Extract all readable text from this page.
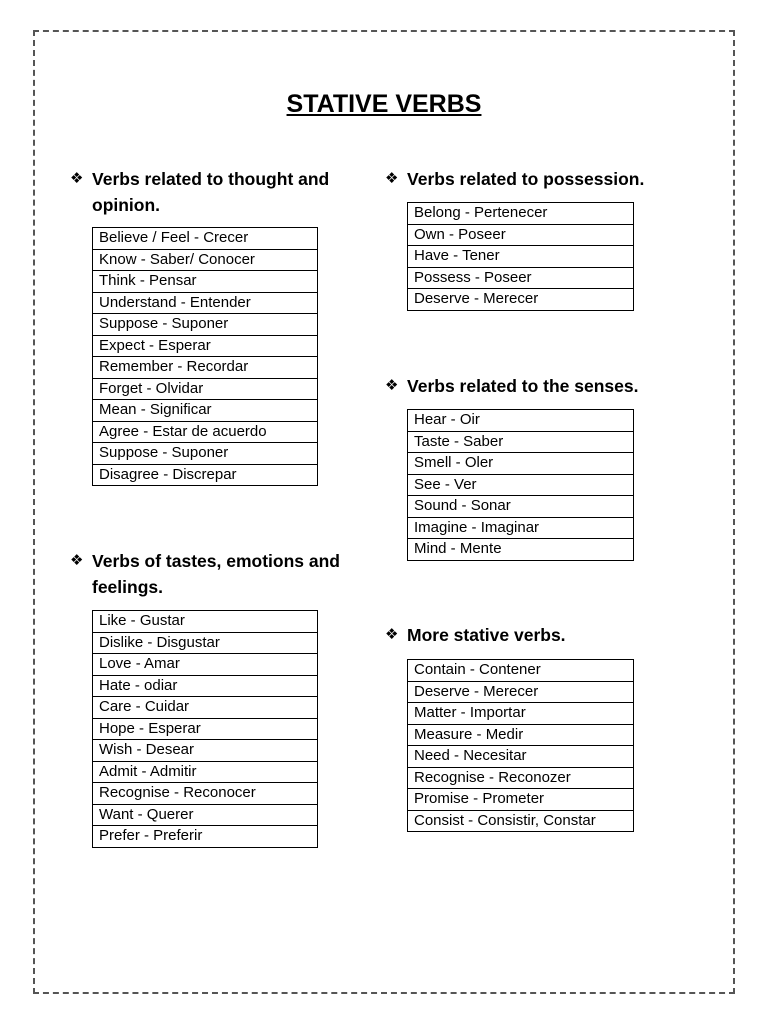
STATIVE VERBS
❖ Verbs related to thought and opinion.
Believe / Feel - Crecer
Know - Saber/ Conocer
Think - Pensar
Understand - Entender
Suppose - Suponer
Expect - Esperar
Remember - Recordar
Forget - Olvidar
Mean - Significar
Agree - Estar de acuerdo
Suppose - Suponer
Disagree - Discrepar
❖ Verbs related to possession.
Belong - Pertenecer
Own - Poseer
Have - Tener
Possess - Poseer
Deserve - Merecer
❖ Verbs related to the senses.
Hear - Oir
Taste - Saber
Smell - Oler
See - Ver
Sound - Sonar
Imagine - Imaginar
Mind - Mente
❖ Verbs of tastes, emotions and feelings.
Like - Gustar
Dislike - Disgustar
Love - Amar
Hate - odiar
Care - Cuidar
Hope - Esperar
Wish - Desear
Admit - Admitir
Recognise - Reconocer
Want - Querer
Prefer - Preferir
❖ More stative verbs.
Contain - Contener
Deserve - Merecer
Matter - Importar
Measure - Medir
Need - Necesitar
Recognise - Reconozer
Promise - Prometer
Consist - Consistir, Constar
